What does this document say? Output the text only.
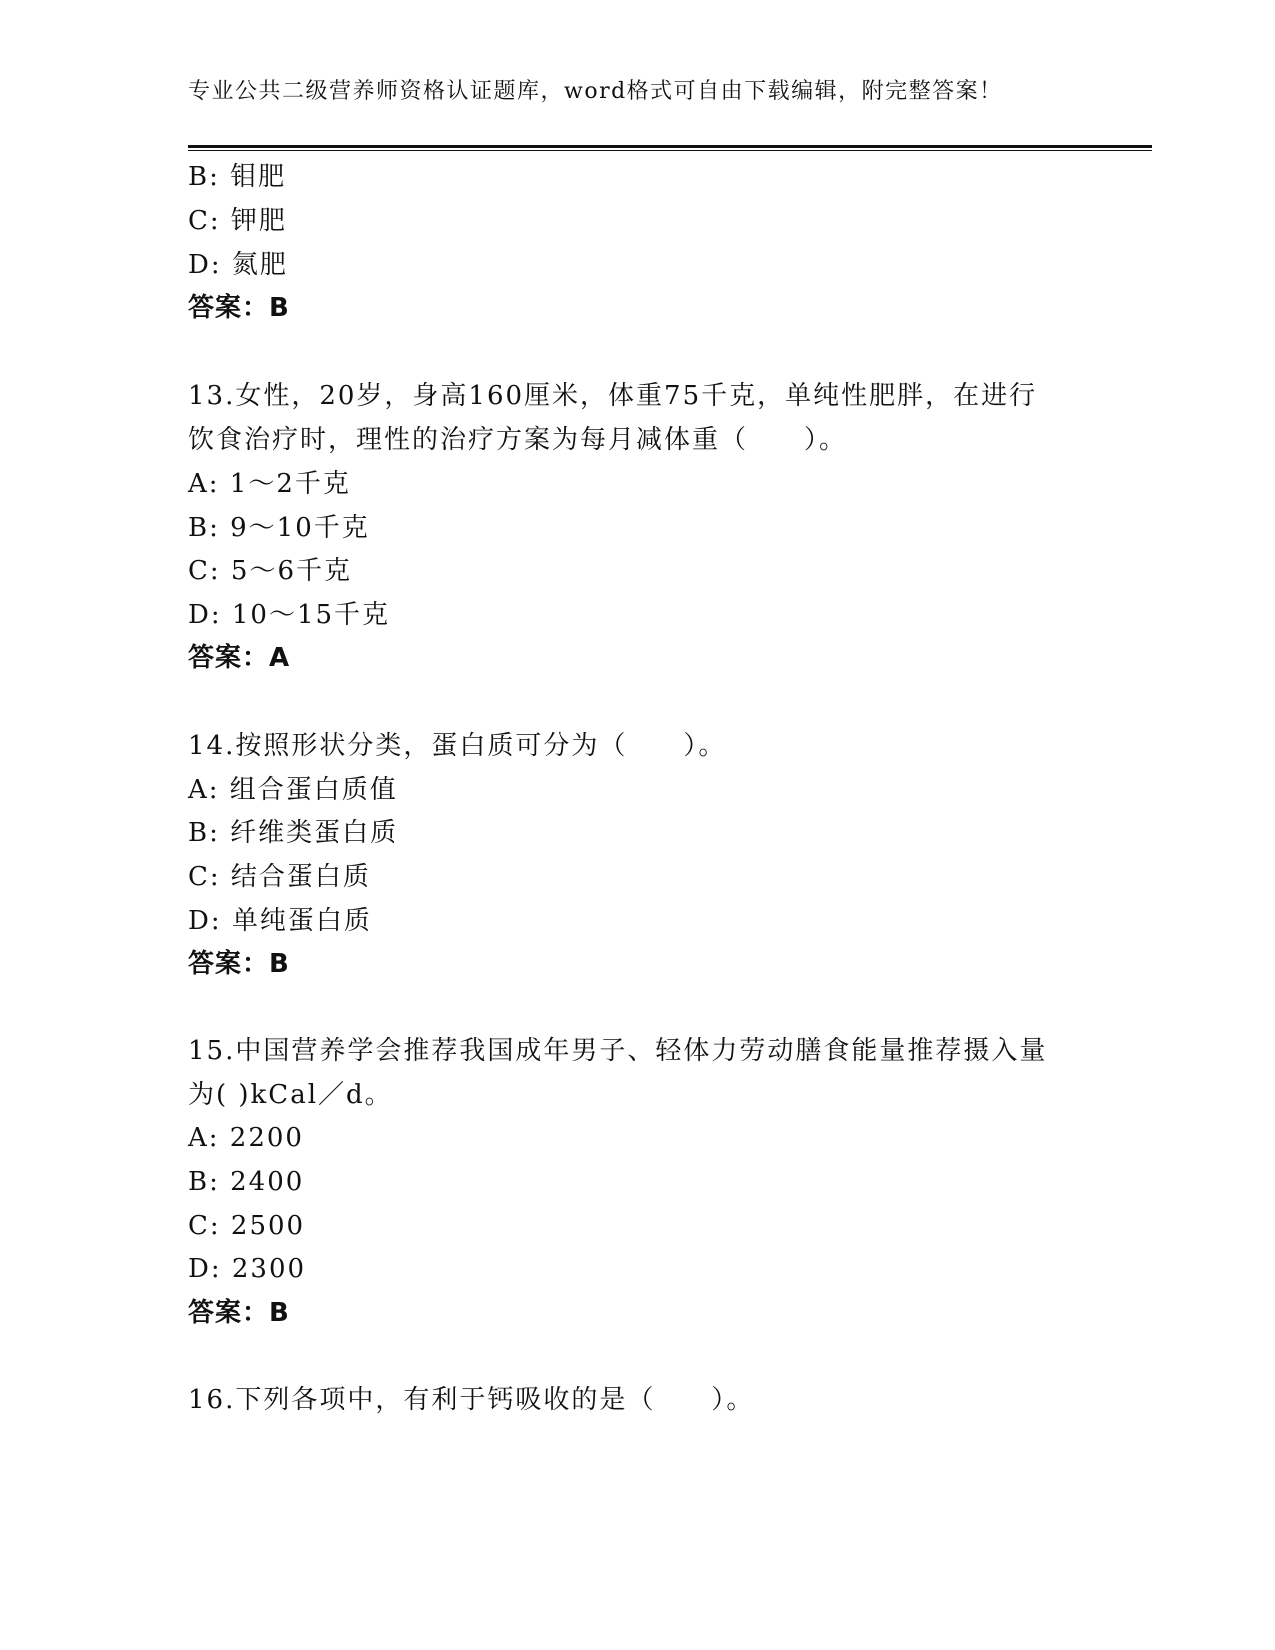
专业公共二级营养师资格认证题库，word格式可自由下载编辑，附完整答案！
B: 钼肥
C: 钾肥
D: 氮肥
答案：B
13.女性，20岁，身高160厘米，体重75千克，单纯性肥胖，在进行
饮食治疗时，理性的治疗方案为每月减体重（　　）。
A: 1～2千克
B: 9～10千克
C: 5～6千克
D: 10～15千克
答案：A
14.按照形状分类，蛋白质可分为（　　）。
A: 组合蛋白质值
B: 纤维类蛋白质
C: 结合蛋白质
D: 单纯蛋白质
答案：B
15.中国营养学会推荐我国成年男子、轻体力劳动膳食能量推荐摄入量
为( )kCal／d。
A: 2200
B: 2400
C: 2500
D: 2300
答案：B
16.下列各项中，有利于钙吸收的是（　　）。
